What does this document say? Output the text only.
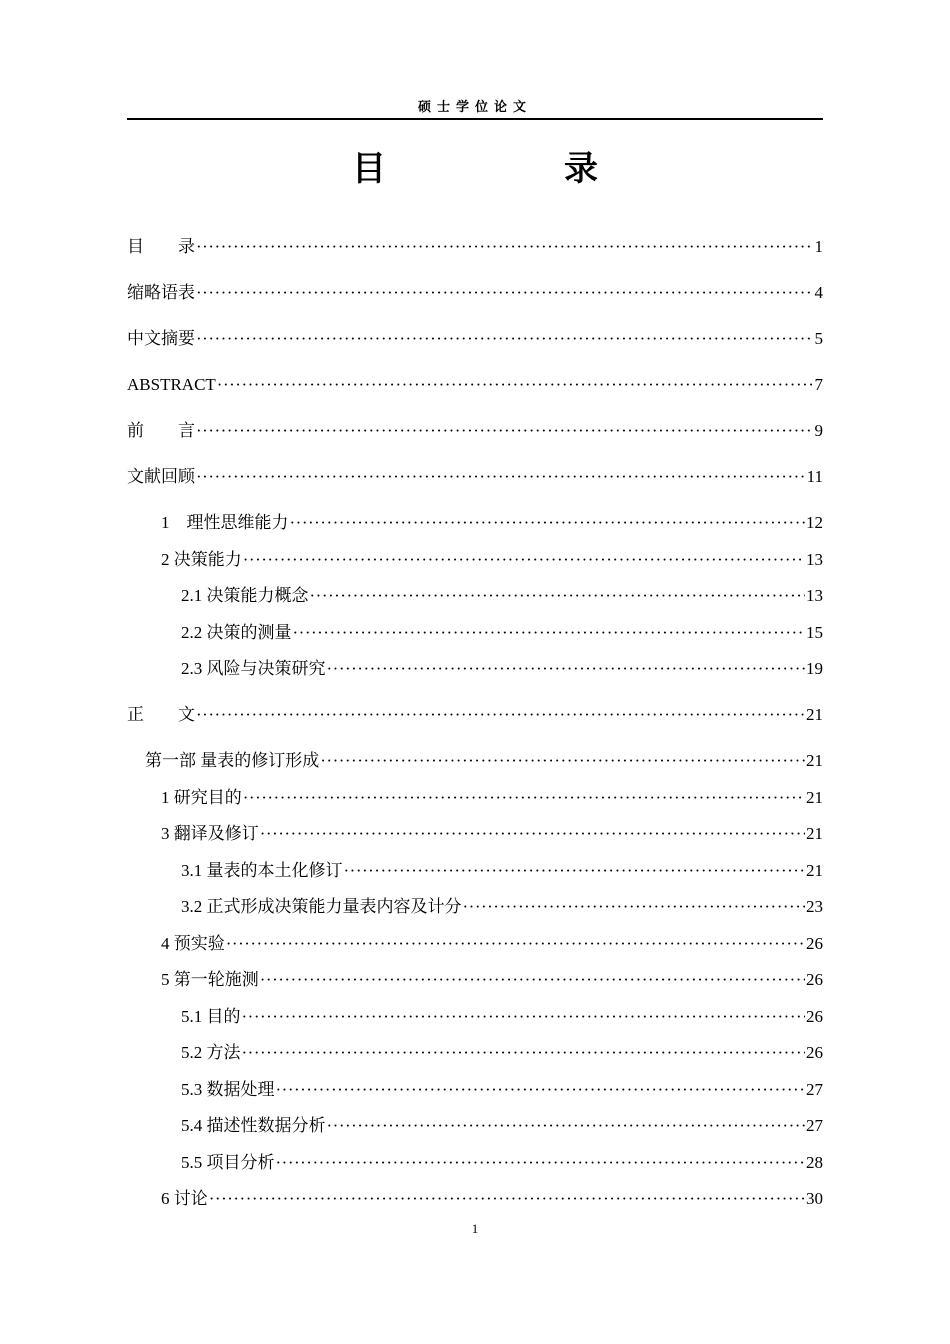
硕士学位论文
目　录
目　　录 ·····	1
缩略语表 ·····	4
中文摘要 ·····	5
ABSTRACT ·····	7
前　　言 ·····	9
文献回顾 ·····	11
1　理性思维能力 ·····	12
2 决策能力 ·····	13
2.1 决策能力概念 ·····	13
2.2 决策的测量 ·····	15
2.3 风险与决策研究 ·····	19
正　　文 ·····	21
第一部 量表的修订形成 ·····	21
1 研究目的 ·····	21
3 翻译及修订 ·····	21
3.1 量表的本土化修订 ·····	21
3.2 正式形成决策能力量表内容及计分 ·····	23
4 预实验 ·····	26
5 第一轮施测 ·····	26
5.1 目的 ·····	26
5.2 方法 ·····	26
5.3 数据处理 ·····	27
5.4 描述性数据分析 ·····	27
5.5 项目分析 ·····	28
6 讨论 ·····	30
1
